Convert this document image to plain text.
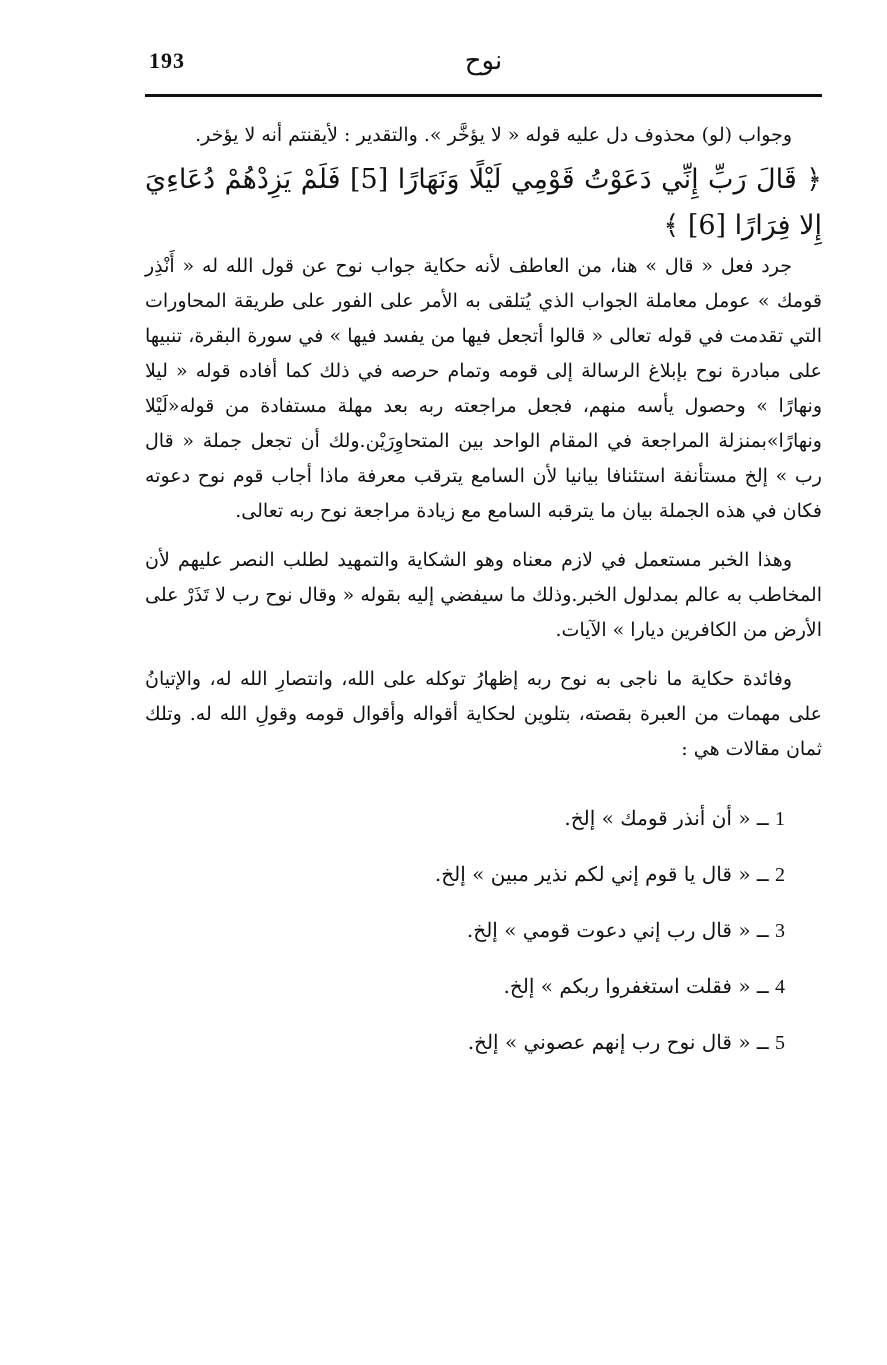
193	نوح

وجواب (لو) محذوف دل عليه قوله « لا يؤخَّر ». والتقدير : لأيقنتم أنه لا يؤخر.

﴿ قَالَ رَبِّ إِنِّي دَعَوْتُ قَوْمِي لَيْلًا وَنَهَارًا [5] فَلَمْ يَزِدْهُمْ دُعَاءِيَ إِلا فِرَارًا [6] ﴾

جرد فعل « قال » هنا، من العاطف لأنه حكاية جواب نوح عن قول الله له « أَنْذِر قومك » عومل معاملة الجواب الذي يُتلقى به الأمر على الفور على طريقة المحاورات التي تقدمت في قوله تعالى « قالوا أتجعل فيها من يفسد فيها » في سورة البقرة، تنبيها على مبادرة نوح بإبلاغ الرسالة إلى قومه وتمام حرصه في ذلك كما أفاده قوله « ليلا ونهارًا » وحصول يأسه منهم، فجعل مراجعته ربه بعد مهلة مستفادة من قوله«لَيْلا ونهارًا»بمنزلة المراجعة في المقام الواحد بين المتحاوِرَيْن.ولك أن تجعل جملة « قال رب » إلخ مستأنفة استئنافا بيانيا لأن السامع يترقب معرفة ماذا أجاب قوم نوح دعوته فكان في هذه الجملة بيان ما يترقبه السامع مع زيادة مراجعة نوح ربه تعالى.

وهذا الخبر مستعمل في لازم معناه وهو الشكاية والتمهيد لطلب النصر عليهم لأن المخاطب به عالم بمدلول الخبر.وذلك ما سيفضي إليه بقوله « وقال نوح رب لا تَذَرْ على الأرض من الكافرين ديارا » الآيات.

وفائدة حكاية ما ناجى به نوح ربه إظهارُ توكله على الله، وانتصارِ الله له، والإتيانُ على مهمات من العبرة بقصته، بتلوين لحكاية أقواله وأقوال قومه وقولِ الله له. وتلك ثمان مقالات هي :

1 ــ « أن أنذر قومك » إلخ.
2 ــ « قال يا قوم إني لكم نذير مبين » إلخ.
3 ــ « قال رب إني دعوت قومي » إلخ.
4 ــ « فقلت استغفروا ربكم » إلخ.
5 ــ « قال نوح رب إنهم عصوني » إلخ.
